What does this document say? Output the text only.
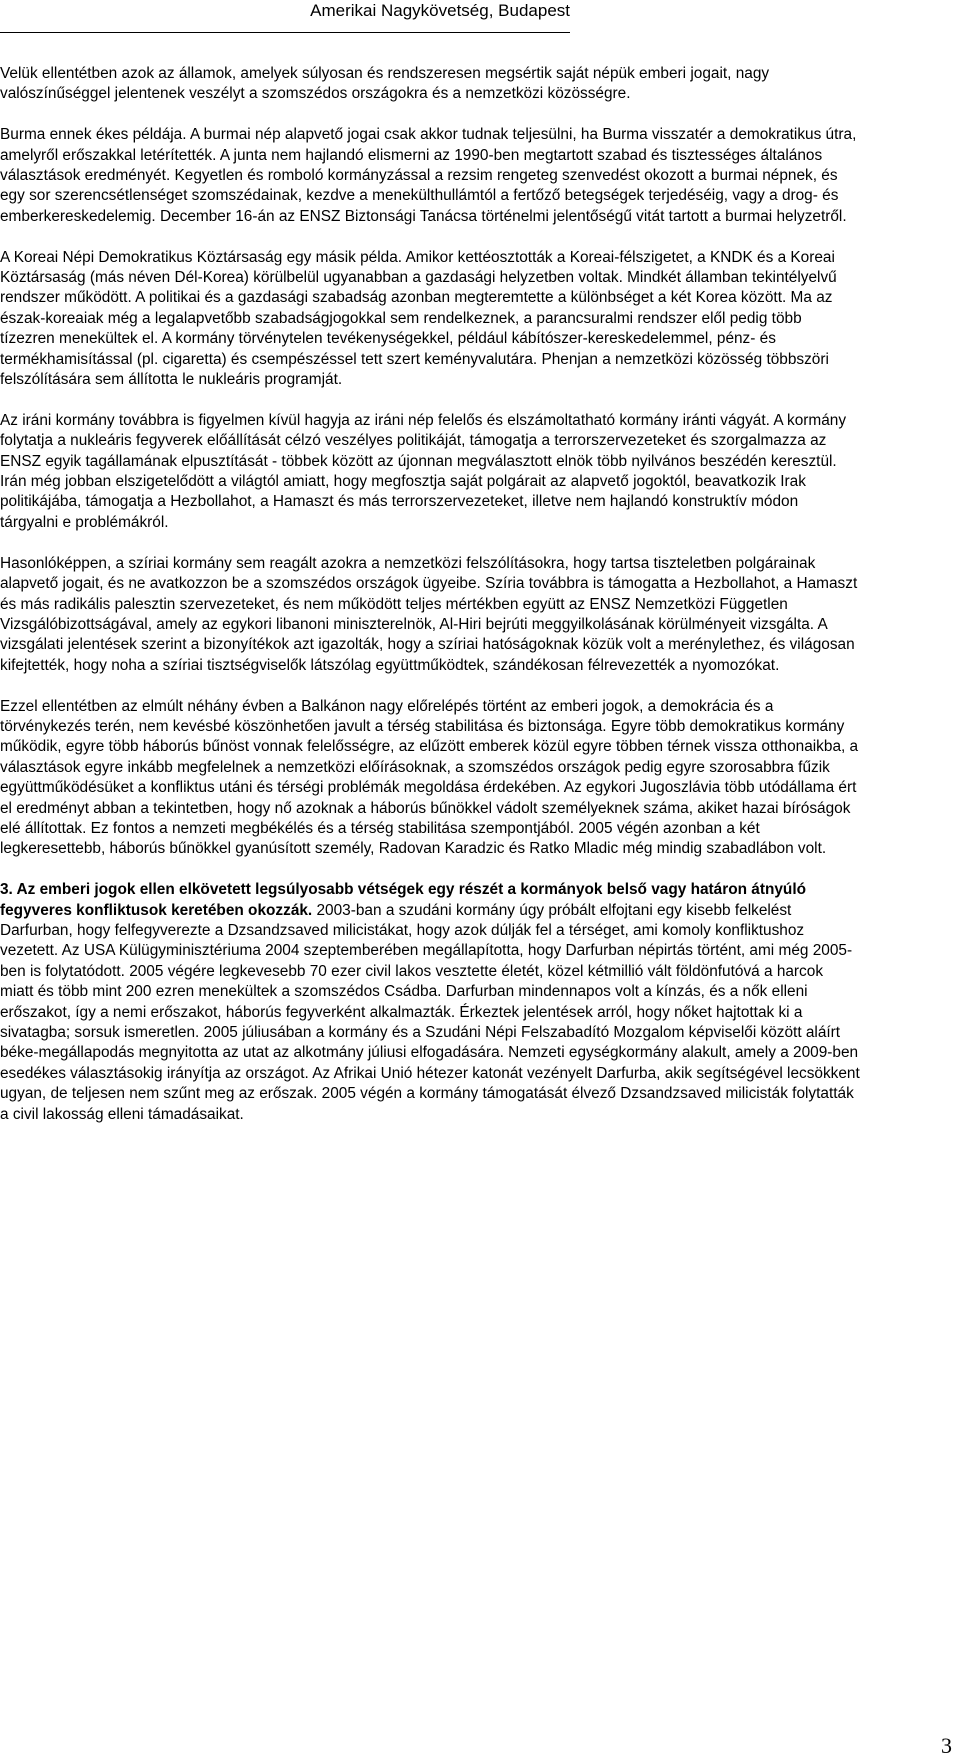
Amerikai Nagykövetség, Budapest

Velük ellentétben azok az államok, amelyek súlyosan és rendszeresen megsértik saját népük emberi jogait, nagy valószínűséggel jelentenek veszélyt a szomszédos országokra és a nemzetközi közösségre.

Burma ennek ékes példája. A burmai nép alapvető jogai csak akkor tudnak teljesülni, ha Burma visszatér a demokratikus útra, amelyről erőszakkal letérítették. A junta nem hajlandó elismerni az 1990-ben megtartott szabad és tisztességes általános választások eredményét. Kegyetlen és romboló kormányzással a rezsim rengeteg szenvedést okozott a burmai népnek, és egy sor szerencsétlenséget szomszédainak, kezdve a menekülthullámtól a fertőző betegségek terjedéséig, vagy a drog- és emberkereskedelemig. December 16-án az ENSZ Biztonsági Tanácsa történelmi jelentőségű vitát tartott a burmai helyzetről.

A Koreai Népi Demokratikus Köztársaság egy másik példa. Amikor kettéosztották a Koreai-félszigetet, a KNDK és a Koreai Köztársaság (más néven Dél-Korea) körülbelül ugyanabban a gazdasági helyzetben voltak. Mindkét államban tekintélyelvű rendszer működött. A politikai és a gazdasági szabadság azonban megteremtette a különbséget a két Korea között. Ma az észak-koreaiak még a legalapvetőbb szabadságjogokkal sem rendelkeznek, a parancsuralmi rendszer elől pedig több tízezren menekültek el. A kormány törvénytelen tevékenységekkel, például kábítószer-kereskedelemmel, pénz- és termékhamisítással (pl. cigaretta) és csempészéssel tett szert keményvalutára. Phenjan a nemzetközi közösség többszöri felszólítására sem állította le nukleáris programját.

Az iráni kormány továbbra is figyelmen kívül hagyja az iráni nép felelős és elszámoltatható kormány iránti vágyát. A kormány folytatja a nukleáris fegyverek előállítását célzó veszélyes politikáját, támogatja a terrorszervezeteket és szorgalmazza az ENSZ egyik tagállamának elpusztítását - többek között az újonnan megválasztott elnök több nyilvános beszédén keresztül. Irán még jobban elszigetelődött a világtól amiatt, hogy megfosztja saját polgárait az alapvető jogoktól, beavatkozik Irak politikájába, támogatja a Hezbollahot, a Hamaszt és más terrorszervezeteket, illetve nem hajlandó konstruktív módon tárgyalni e problémákról.

Hasonlóképpen, a szíriai kormány sem reagált azokra a nemzetközi felszólításokra, hogy tartsa tiszteletben polgárainak alapvető jogait, és ne avatkozzon be a szomszédos országok ügyeibe. Szíria továbbra is támogatta a Hezbollahot, a Hamaszt és más radikális palesztin szervezeteket, és nem működött teljes mértékben együtt az ENSZ Nemzetközi Független Vizsgálóbizottságával, amely az egykori libanoni miniszterelnök, Al-Hiri bejrúti meggyilkolásának körülményeit vizsgálta. A vizsgálati jelentések szerint a bizonyítékok azt igazolták, hogy a szíriai hatóságoknak közük volt a merénylethez, és világosan kifejtették, hogy noha a szíriai tisztségviselők látszólag együttműködtek, szándékosan félrevezették a nyomozókat.

Ezzel ellentétben az elmúlt néhány évben a Balkánon nagy előrelépés történt az emberi jogok, a demokrácia és a törvénykezés terén, nem kevésbé köszönhetően javult a térség stabilitása és biztonsága. Egyre több demokratikus kormány működik, egyre több háborús bűnöst vonnak felelősségre, az elűzött emberek közül egyre többen térnek vissza otthonaikba, a választások egyre inkább megfelelnek a nemzetközi előírásoknak, a szomszédos országok pedig egyre szorosabbra fűzik együttműködésüket a konfliktus utáni és térségi problémák megoldása érdekében. Az egykori Jugoszlávia több utódállama ért el eredményt abban a tekintetben, hogy nő azoknak a háborús bűnökkel vádolt személyeknek száma, akiket hazai bíróságok elé állítottak. Ez fontos a nemzeti megbékélés és a térség stabilitása szempontjából. 2005 végén azonban a két legkeresettebb, háborús bűnökkel gyanúsított személy, Radovan Karadzic és Ratko Mladic még mindig szabadlábon volt.

3. Az emberi jogok ellen elkövetett legsúlyosabb vétségek egy részét a kormányok belső vagy határon átnyúló fegyveres konfliktusok keretében okozzák. 2003-ban a szudáni kormány úgy próbált elfojtani egy kisebb felkelést Darfurban, hogy felfegyverezte a Dzsandzsaved milicistákat, hogy azok dúlják fel a térséget, ami komoly konfliktushoz vezetett. Az USA Külügyminisztériuma 2004 szeptemberében megállapította, hogy Darfurban népirtás történt, ami még 2005-ben is folytatódott. 2005 végére legkevesebb 70 ezer civil lakos vesztette életét, közel kétmillió vált földönfutóvá a harcok miatt és több mint 200 ezren menekültek a szomszédos Csádba. Darfurban mindennapos volt a kínzás, és a nők elleni erőszakot, így a nemi erőszakot, háborús fegyverként alkalmazták. Érkeztek jelentések arról, hogy nőket hajtottak ki a sivatagba; sorsuk ismeretlen. 2005 júliusában a kormány és a Szudáni Népi Felszabadító Mozgalom képviselői között aláírt béke-megállapodás megnyitotta az utat az alkotmány júliusi elfogadására. Nemzeti egységkormány alakult, amely a 2009-ben esedékes választásokig irányítja az országot. Az Afrikai Unió hétezer katonát vezényelt Darfurba, akik segítségével lecsökkent ugyan, de teljesen nem szűnt meg az erőszak. 2005 végén a kormány támogatását élvező Dzsandzsaved milicisták folytatták a civil lakosság elleni támadásaikat.

3
